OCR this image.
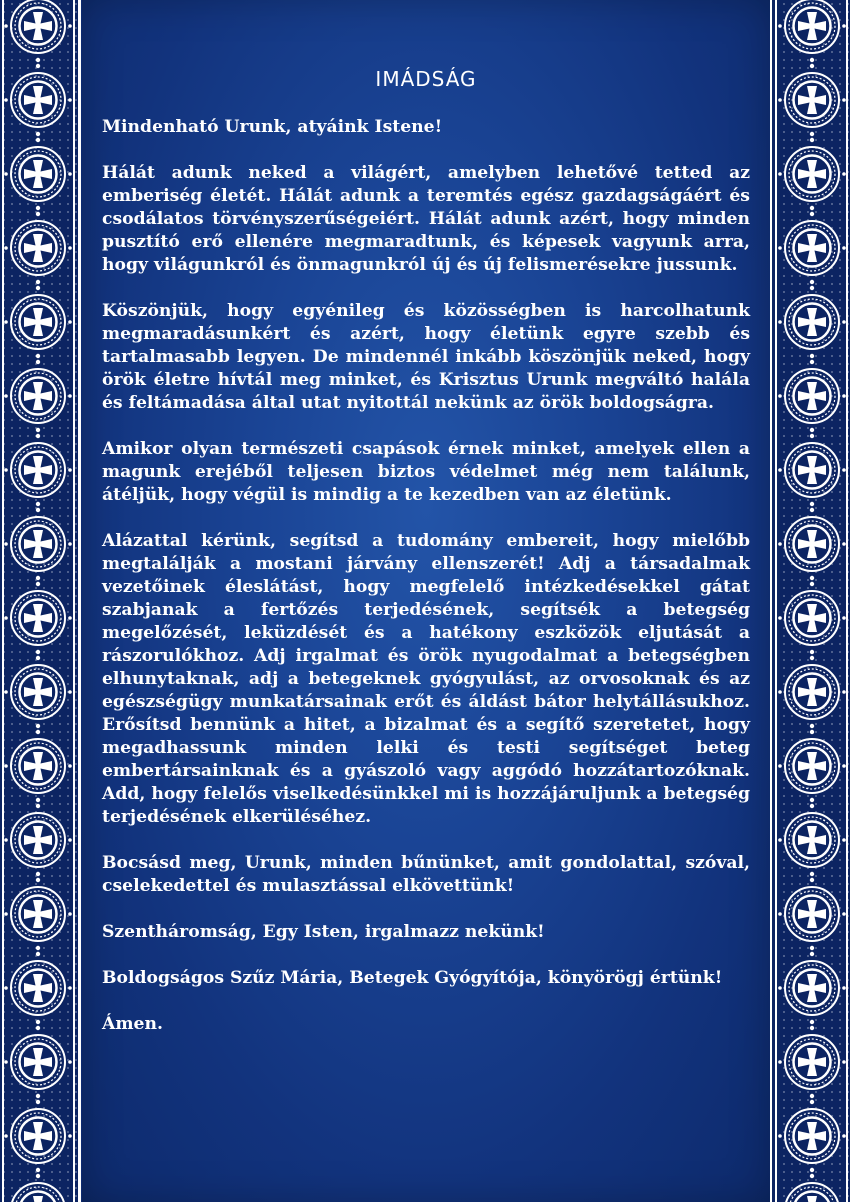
IMÁDSÁG

Mindenható Urunk, atyáink Istene!

Hálát adunk neked a világért, amelyben lehetővé tetted az emberiség életét. Hálát adunk a teremtés egész gazdagságáért és csodálatos törvényszerűségeiért. Hálát adunk azért, hogy minden pusztító erő ellenére megmaradtunk, és képesek vagyunk arra, hogy világunkról és önmagunkról új és új felismerésekre jussunk.

Köszönjük, hogy egyénileg és közösségben is harcolhatunk megmaradásunkért és azért, hogy életünk egyre szebb és tartalmasabb legyen. De mindennél inkább köszönjük neked, hogy örök életre hívtál meg minket, és Krisztus Urunk megváltó halála és feltámadása által utat nyitottál nekünk az örök boldogságra.

Amikor olyan természeti csapások érnek minket, amelyek ellen a magunk erejéből teljesen biztos védelmet még nem találunk, átéljük, hogy végül is mindig a te kezedben van az életünk.

Alázattal kérünk, segítsd a tudomány embereit, hogy mielőbb megtalálják a mostani járvány ellenszerét! Adj a társadalmak vezetőinek éleslátást, hogy megfelelő intézkedésekkel gátat szabjanak a fertőzés terjedésének, segítsék a betegség megelőzését, leküzdését és a hatékony eszközök eljutását a rászorulókhoz. Adj irgalmat és örök nyugodalmat a betegségben elhunytaknak, adj a betegeknek gyógyulást, az orvosoknak és az egészségügy munkatársainak erőt és áldást bátor helytállásukhoz. Erősítsd bennünk a hitet, a bizalmat és a segítő szeretetet, hogy megadhassunk minden lelki és testi segítséget beteg embertársainknak és a gyászoló vagy aggódó hozzátartozóknak. Add, hogy felelős viselkedésünkkel mi is hozzájáruljunk a betegség terjedésének elkerüléséhez.

Bocsásd meg, Urunk, minden bűnünket, amit gondolattal, szóval, cselekedettel és mulasztással elkövettünk!

Szentháromság, Egy Isten, irgalmazz nekünk!

Boldogságos Szűz Mária, Betegek Gyógyítója, könyörögj értünk!

Ámen.
